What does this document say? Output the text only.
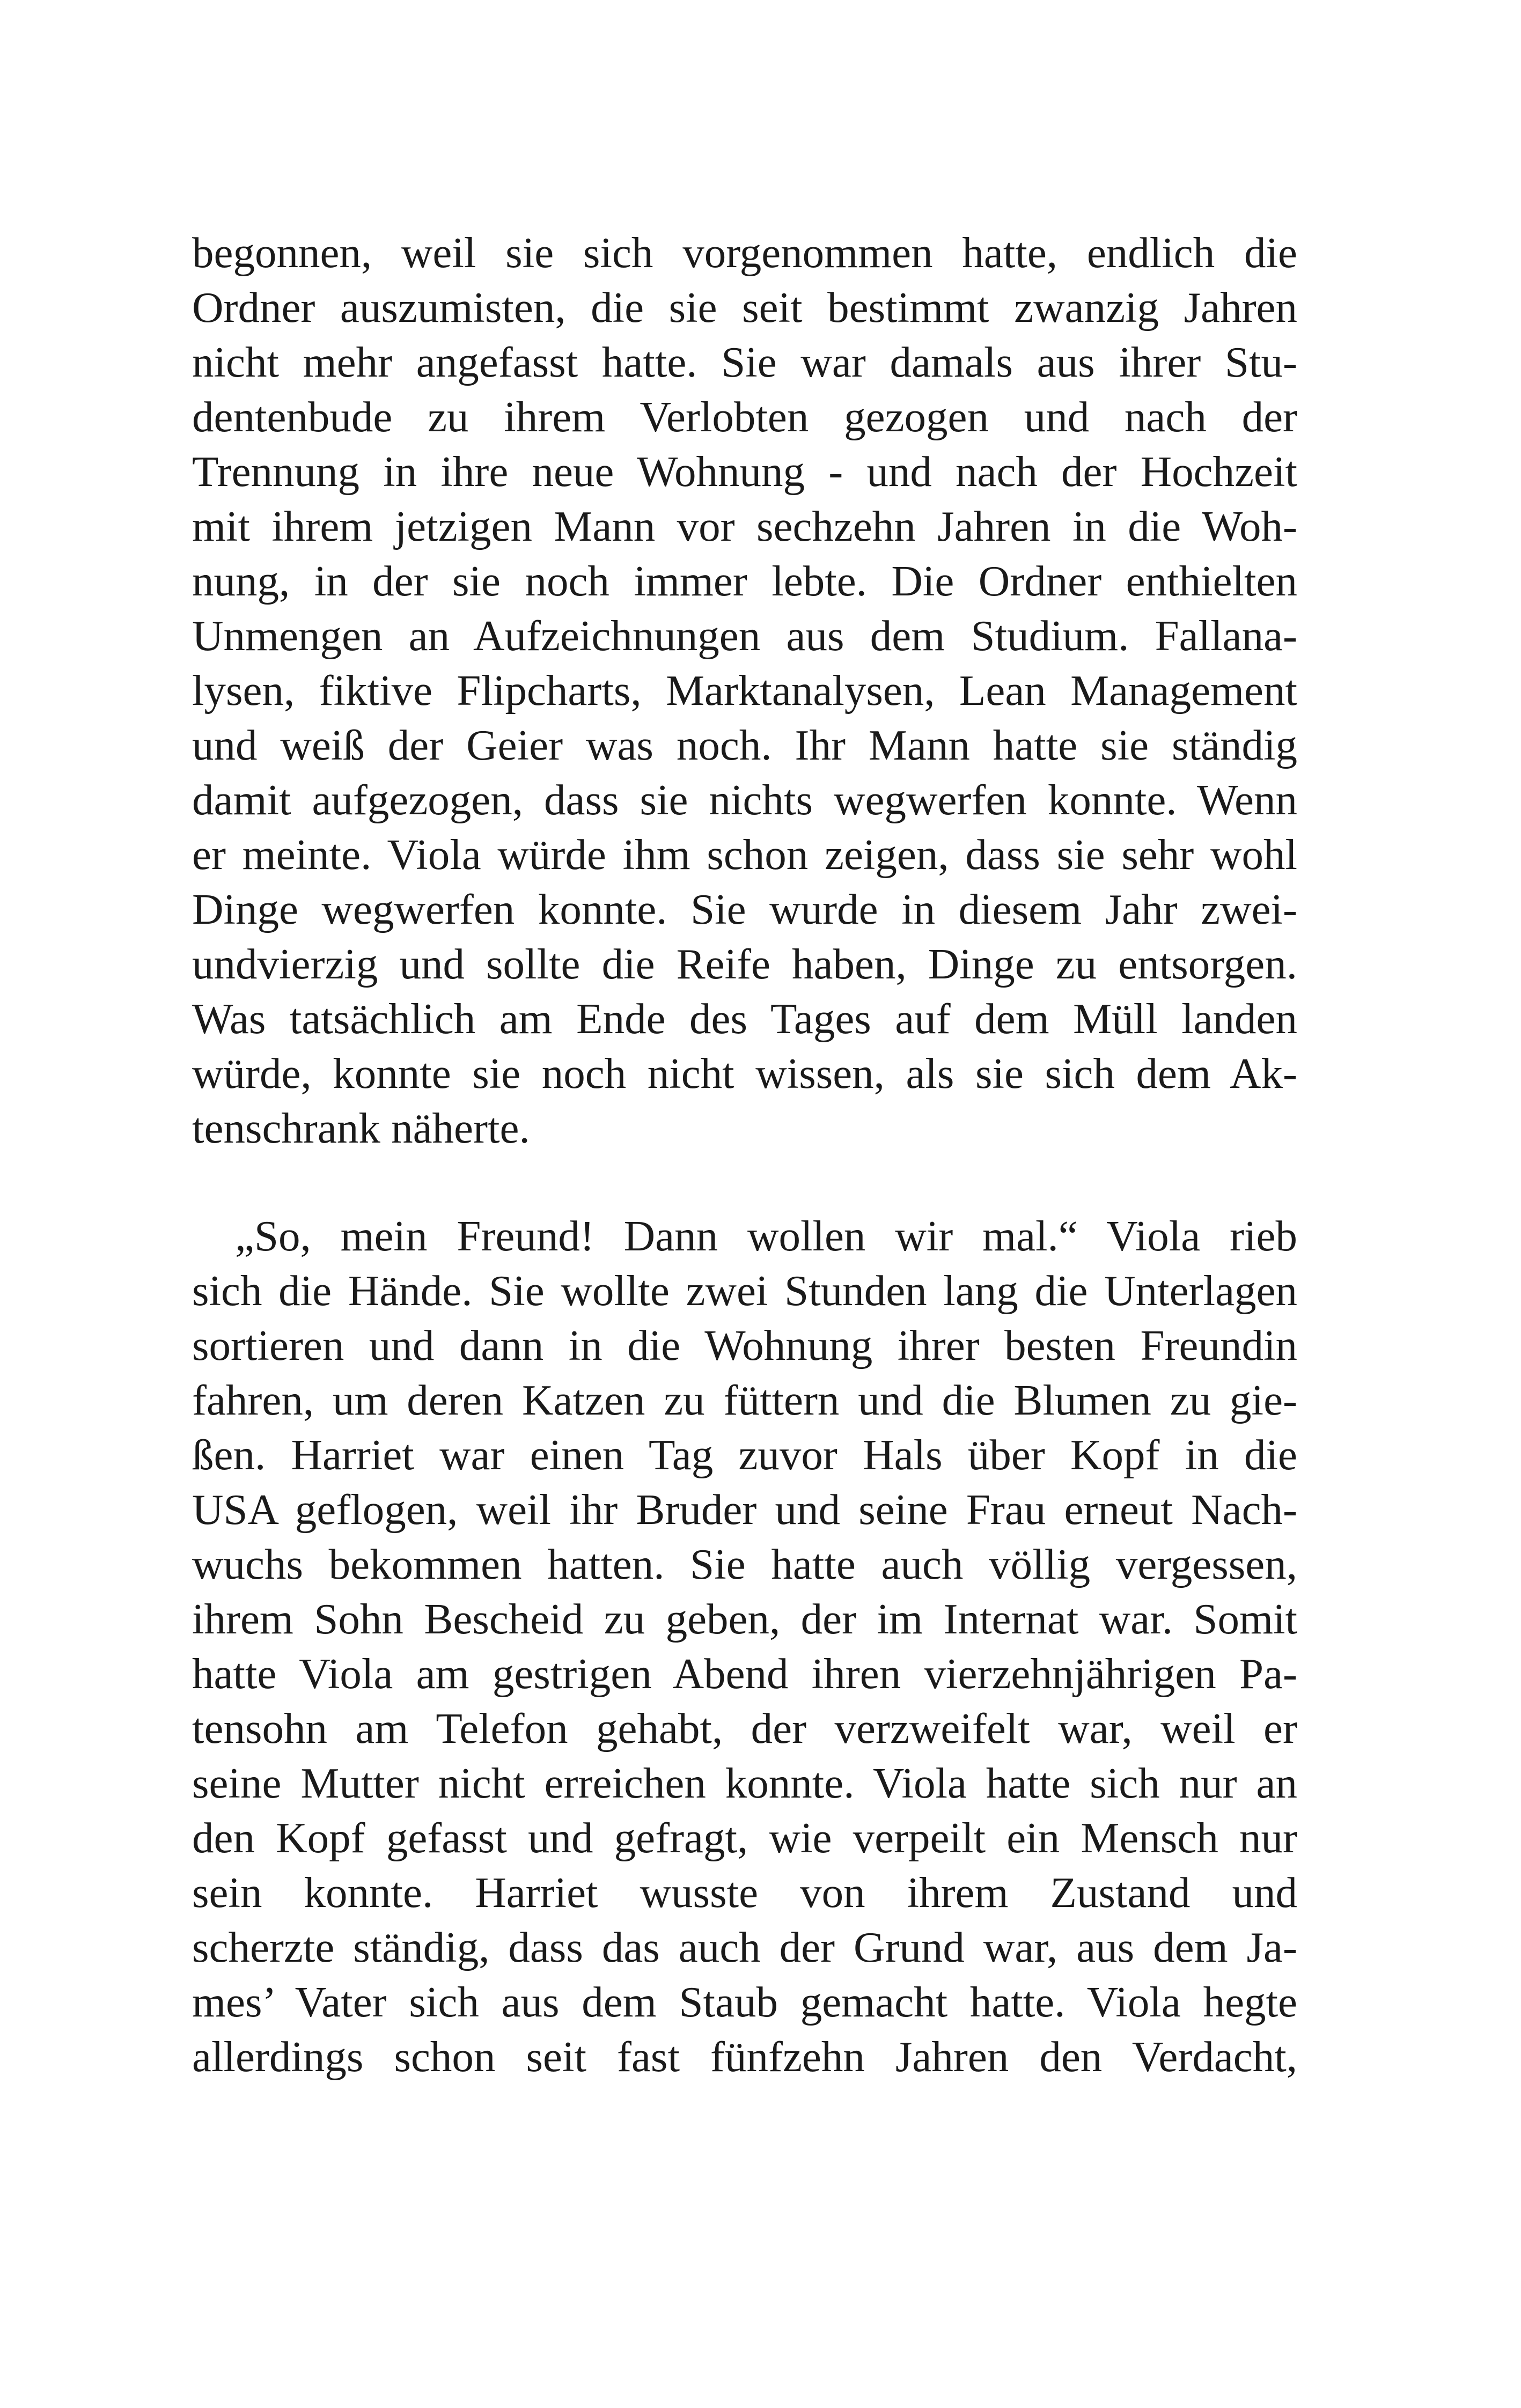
begonnen, weil sie sich vorgenommen hatte, endlich die
Ordner auszumisten, die sie seit bestimmt zwanzig Jahren
nicht mehr angefasst hatte. Sie war damals aus ihrer Stu-
dentenbude zu ihrem Verlobten gezogen und nach der
Trennung in ihre neue Wohnung - und nach der Hochzeit
mit ihrem jetzigen Mann vor sechzehn Jahren in die Woh-
nung, in der sie noch immer lebte. Die Ordner enthielten
Unmengen an Aufzeichnungen aus dem Studium. Fallana-
lysen, fiktive Flipcharts, Marktanalysen, Lean Management
und weiß der Geier was noch. Ihr Mann hatte sie ständig
damit aufgezogen, dass sie nichts wegwerfen konnte. Wenn
er meinte. Viola würde ihm schon zeigen, dass sie sehr wohl
Dinge wegwerfen konnte. Sie wurde in diesem Jahr zwei-
undvierzig und sollte die Reife haben, Dinge zu entsorgen.
Was tatsächlich am Ende des Tages auf dem Müll landen
würde, konnte sie noch nicht wissen, als sie sich dem Ak-
tenschrank näherte.
„So, mein Freund! Dann wollen wir mal.“ Viola rieb
sich die Hände. Sie wollte zwei Stunden lang die Unterlagen
sortieren und dann in die Wohnung ihrer besten Freundin
fahren, um deren Katzen zu füttern und die Blumen zu gie-
ßen. Harriet war einen Tag zuvor Hals über Kopf in die
USA geflogen, weil ihr Bruder und seine Frau erneut Nach-
wuchs bekommen hatten. Sie hatte auch völlig vergessen,
ihrem Sohn Bescheid zu geben, der im Internat war. Somit
hatte Viola am gestrigen Abend ihren vierzehnjährigen Pa-
tensohn am Telefon gehabt, der verzweifelt war, weil er
seine Mutter nicht erreichen konnte. Viola hatte sich nur an
den Kopf gefasst und gefragt, wie verpeilt ein Mensch nur
sein konnte. Harriet wusste von ihrem Zustand und
scherzte ständig, dass das auch der Grund war, aus dem Ja-
mes’ Vater sich aus dem Staub gemacht hatte. Viola hegte
allerdings schon seit fast fünfzehn Jahren den Verdacht,
